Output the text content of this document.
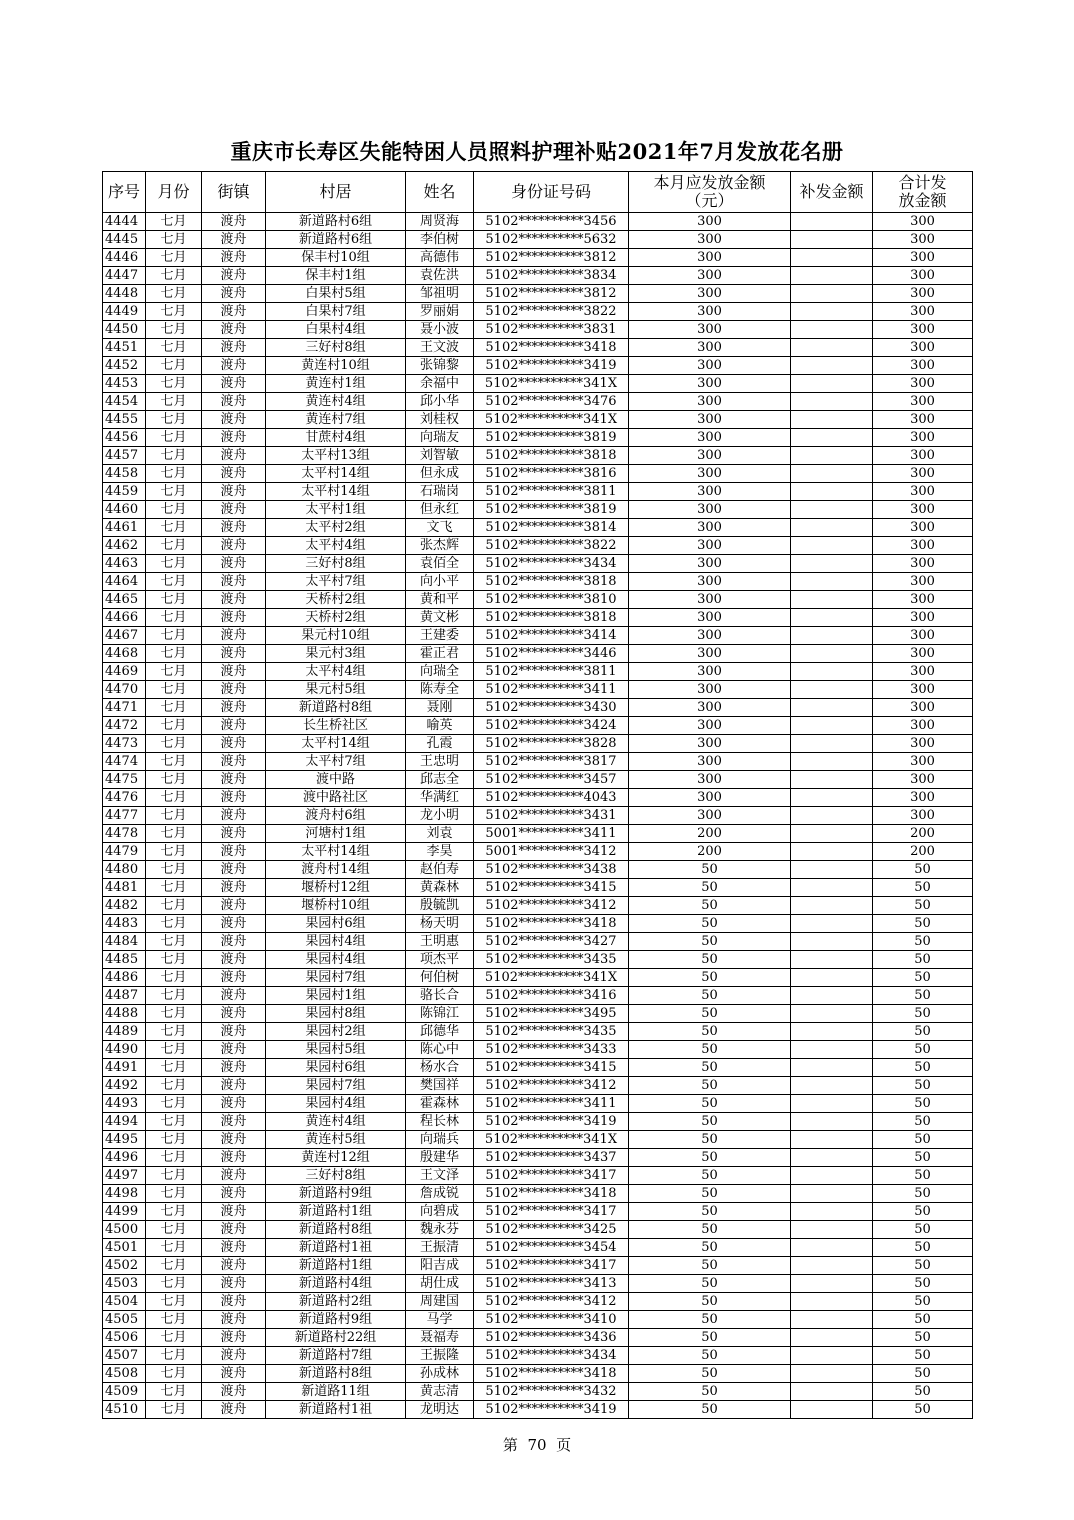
重庆市长寿区失能特困人员照料护理补贴2021年7月发放花名册
序号	月份	街镇	村居	姓名	身份证号码	本月应发放金额（元）	补发金额	合计发放金额
4444	七月	渡舟	新道路村6组	周贤海	5102**********3456	300		300
4445	七月	渡舟	新道路村6组	李伯树	5102**********5632	300		300
4446	七月	渡舟	保丰村10组	高德伟	5102**********3812	300		300
4447	七月	渡舟	保丰村1组	袁佐洪	5102**********3834	300		300
4448	七月	渡舟	白果村5组	邹祖明	5102**********3812	300		300
4449	七月	渡舟	白果村7组	罗丽娟	5102**********3822	300		300
4450	七月	渡舟	白果村4组	聂小波	5102**********3831	300		300
4451	七月	渡舟	三好村8组	王文波	5102**********3418	300		300
4452	七月	渡舟	黄连村10组	张锦黎	5102**********3419	300		300
4453	七月	渡舟	黄连村1组	余福中	5102**********341X	300		300
4454	七月	渡舟	黄连村4组	邱小华	5102**********3476	300		300
4455	七月	渡舟	黄连村7组	刘桂权	5102**********341X	300		300
4456	七月	渡舟	甘蔗村4组	向瑞友	5102**********3819	300		300
4457	七月	渡舟	太平村13组	刘智敏	5102**********3818	300		300
4458	七月	渡舟	太平村14组	但永成	5102**********3816	300		300
4459	七月	渡舟	太平村14组	石瑞岗	5102**********3811	300		300
4460	七月	渡舟	太平村1组	但永红	5102**********3819	300		300
4461	七月	渡舟	太平村2组	文飞	5102**********3814	300		300
4462	七月	渡舟	太平村4组	张杰辉	5102**********3822	300		300
4463	七月	渡舟	三好村8组	袁佰全	5102**********3434	300		300
4464	七月	渡舟	太平村7组	向小平	5102**********3818	300		300
4465	七月	渡舟	天桥村2组	黄和平	5102**********3810	300		300
4466	七月	渡舟	天桥村2组	黄文彬	5102**********3818	300		300
4467	七月	渡舟	果元村10组	王建委	5102**********3414	300		300
4468	七月	渡舟	果元村3组	霍正君	5102**********3446	300		300
4469	七月	渡舟	太平村4组	向瑞全	5102**********3811	300		300
4470	七月	渡舟	果元村5组	陈寿全	5102**********3411	300		300
4471	七月	渡舟	新道路村8组	聂刚	5102**********3430	300		300
4472	七月	渡舟	长生桥社区	喻英	5102**********3424	300		300
4473	七月	渡舟	太平村14组	孔霞	5102**********3828	300		300
4474	七月	渡舟	太平村7组	王忠明	5102**********3817	300		300
4475	七月	渡舟	渡中路	邱志全	5102**********3457	300		300
4476	七月	渡舟	渡中路社区	华满红	5102**********4043	300		300
4477	七月	渡舟	渡舟村6组	龙小明	5102**********3431	300		300
4478	七月	渡舟	河塘村1组	刘袁	5001**********3411	200		200
4479	七月	渡舟	太平村14组	李昊	5001**********3412	200		200
4480	七月	渡舟	渡舟村14组	赵伯寿	5102**********3438	50		50
4481	七月	渡舟	堰桥村12组	黄森林	5102**********3415	50		50
4482	七月	渡舟	堰桥村10组	殷毓凯	5102**********3412	50		50
4483	七月	渡舟	果园村6组	杨天明	5102**********3418	50		50
4484	七月	渡舟	果园村4组	王明惠	5102**********3427	50		50
4485	七月	渡舟	果园村4组	项杰平	5102**********3435	50		50
4486	七月	渡舟	果园村7组	何伯树	5102**********341X	50		50
4487	七月	渡舟	果园村1组	骆长合	5102**********3416	50		50
4488	七月	渡舟	果园村8组	陈锦江	5102**********3495	50		50
4489	七月	渡舟	果园村2组	邱德华	5102**********3435	50		50
4490	七月	渡舟	果园村5组	陈心中	5102**********3433	50		50
4491	七月	渡舟	果园村6组	杨水合	5102**********3415	50		50
4492	七月	渡舟	果园村7组	樊国祥	5102**********3412	50		50
4493	七月	渡舟	果园村4组	霍森林	5102**********3411	50		50
4494	七月	渡舟	黄连村4组	程长林	5102**********3419	50		50
4495	七月	渡舟	黄连村5组	向瑞兵	5102**********341X	50		50
4496	七月	渡舟	黄连村12组	殷建华	5102**********3437	50		50
4497	七月	渡舟	三好村8组	王文泽	5102**********3417	50		50
4498	七月	渡舟	新道路村9组	詹成锐	5102**********3418	50		50
4499	七月	渡舟	新道路村1组	向碧成	5102**********3417	50		50
4500	七月	渡舟	新道路村8组	魏永芬	5102**********3425	50		50
4501	七月	渡舟	新道路村1祖	王振清	5102**********3454	50		50
4502	七月	渡舟	新道路村1组	阳吉成	5102**********3417	50		50
4503	七月	渡舟	新道路村4组	胡仕成	5102**********3413	50		50
4504	七月	渡舟	新道路村2组	周建国	5102**********3412	50		50
4505	七月	渡舟	新道路村9组	马学	5102**********3410	50		50
4506	七月	渡舟	新道路村22组	聂福寿	5102**********3436	50		50
4507	七月	渡舟	新道路村7组	王振隆	5102**********3434	50		50
4508	七月	渡舟	新道路村8组	孙成林	5102**********3418	50		50
4509	七月	渡舟	新道路11组	黄志清	5102**********3432	50		50
4510	七月	渡舟	新道路村1祖	龙明达	5102**********3419	50		50
第  70  页
